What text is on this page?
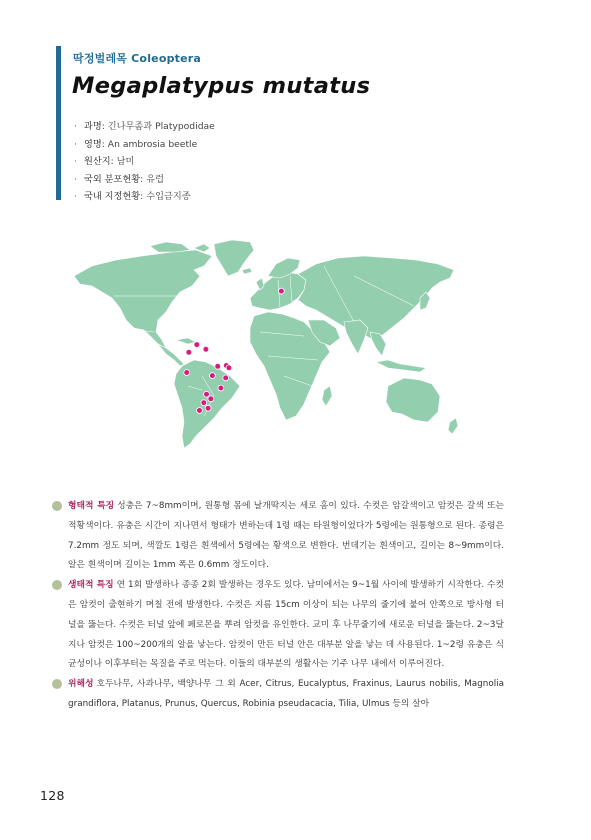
딱정벌레목 Coleoptera
Megaplatypus mutatus
· 과명: 긴나무좀과 Platypodidae
· 영명: An ambrosia beetle
· 원산지: 남미
· 국외 분포현황: 유럽
· 국내 지정현황: 수입금지종
형태적 특징 성충은 7~8mm이며, 원통형 몸에 날개딱지는 세로 홈이 있다. 수컷은 암갈색이고 암컷은 갈색 또는 적황색이다. 유충은 시간이 지나면서 형태가 변하는데 1령 때는 타원형이었다가 5령에는 원통형으로 된다. 종령은 7.2mm 정도 되며, 색깔도 1령은 흰색에서 5령에는 황색으로 변한다. 번데기는 흰색이고, 길이는 8~9mm이다. 알은 흰색이며 길이는 1mm 폭은 0.6mm 정도이다.
생태적 특징 연 1회 발생하나 종종 2회 발생하는 경우도 있다. 남미에서는 9~1월 사이에 발생하기 시작한다. 수컷은 암컷이 출현하기 며칠 전에 발생한다. 수컷은 지름 15cm 이상이 되는 나무의 줄기에 붙어 안쪽으로 방사형 터널을 뚫는다. 수컷은 터널 앞에 페로몬을 뿌려 암컷을 유인한다. 교미 후 나무줄기에 새로운 터널을 뚫는다. 2~3달 지나 암컷은 100~200개의 알을 낳는다. 암컷이 만든 터널 안은 대부분 알을 낳는 데 사용된다. 1~2령 유충은 식균성이나 이후부터는 목질을 주로 먹는다. 이들의 대부분의 생활사는 기주 나무 내에서 이루어진다.
위해성 호두나무, 사과나무, 백양나무 그 외 Acer, Citrus, Eucalyptus, Fraxinus, Laurus nobilis, Magnolia grandiflora, Platanus, Prunus, Quercus, Robinia pseudacacia, Tilia, Ulmus 등의 살아
128
